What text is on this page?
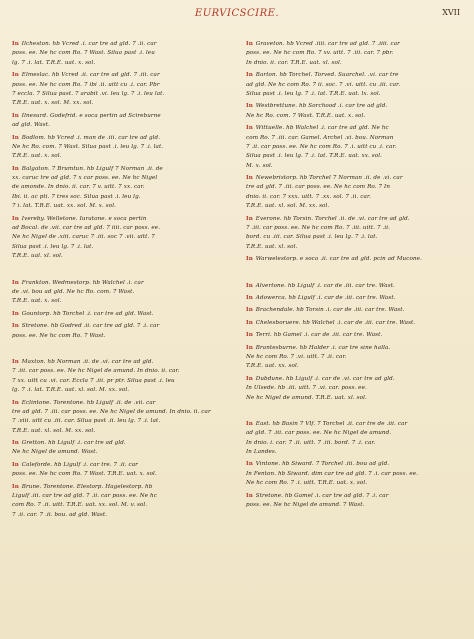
EURVICSCIRE.	XVII
In Ilcheston. hb Vcred .i. car tre ad gld. 7 .ii. car
poss. ee. Ne hc com Ro. 7 Wast. Silua past .i. leu
lg. 7 .i. lat. T.R.E. uat. x. sol.
In Elmeslac. hb Vcred .ii. car tre ad gld. 7 .iii. car
poss. ee. Ne hc com Ro. 7 ibi .ii. uitt cu .i. car. Pbr
7 eccla. 7 Silua past. 7 arabit .vi. leu lg. 7 .i. leu lat.
T.R.E. uat. x. sol. M. xx. sol.
In Ilnesurd. Godefrid. e soca pertin ad Scireburne
ad gld. Wast.
In Bodlom. hb Vcred .i. man de .iii. car tre ad gld.
Ne hc Ro. com. 7 Wast. Silua past .i. leu lg. 7 .i. lat.
T.R.E. uat. x. sol.
In Balgaton. 7 Brumtun. hb Ligulf 7 Norman .ii. de
xx. caruc tre ad gld. 7 x car poss. ee. Ne hc Nigel
de amonde. In dnio. ii. car. 7 v. uitt. 7 xx. car.
Ibi. ii. ac pti. 7 tres soc. Silua past .i. leu lg.
7 i. lat. T.R.E. uat. xx. sol. M. x. sol.
In Ivereby. Welletone. Iuratone. e soca pertin
ad Bocal. de .vii. car tre ad gld. 7 iiii. car poss. ee.
Ne hc Nigel de .xiii. caruc 7 .iii. soc 7 .vii. uitt. 7
Silua past .i. leu lg. 7 .i. lat.
T.R.E. ual. xl. sol.
In Frankton. Wedmestorp. hb Walchel .i. car
de .vi. bou ad gld. Ne hc Ro. com. 7 Wast.
T.R.E. uat. x. sol.
In Gountorp. hb Torchel .i. car tre ad gld. Wast.
In Stretone. hb Godred .ii. car tre ad gld. 7 .i. car
poss. ee. Ne hc com Ro. 7 Wast.
In Maxton. hb Norman .ii. de .vi. car tre ad gld.
7 .iii. car poss. ee. Ne hc Nigel de amund. In dnio. ii. car.
7 xx. uitt cu .vi. car. Eccla 7 .iii. pr ptr. Silua past .i. leu
lg. 7 .i. lat. T.R.E. uat. xl. sol. M. xx. sol.
In Eclintone. Torentone. hb Ligulf .ii. de .vii. car
tre ad gld. 7 .iii. car poss. ee. Ne hc Nigel de amund. In dnio. ii. car
7 .viii. uitt cu .iii. car. Silua past .ii. leu lg. 7 .i. lat.
T.R.E. uat. xl. sol. M. xx. sol.
In Gretton. hb Ligulf .i. car tre ad gld.
Ne hc Nigel de amund. Wast.
In Caleforde. hb Ligulf .i. car tre. 7 .ii. car
poss. ee. Ne hc com Ro. 7 Wast. T.R.E. uat. x. sol.
In Brune. Torentone. Elestorp. Hagelestorp. hb
Ligulf .iii. car tre ad gld. 7 .ii. car poss. ee. Ne hc
com Ro. 7 .ii. uitt. T.R.E. uat. xx. sol. M. v. sol.
7 .ii. car. 7 .ii. bou. ad gld. Wast.
In Graveton. hb Vcred .iiii. car tre ad gld. 7 .iiii. car
poss. ee. Ne hc com Ro. 7 xv. uitt. 7 .iii. car. 7 pbr.
In dnio. ii. car. T.R.E. uat. xl. sol.
In Barton. hb Torchel. Torved. Suarchel. .vi. car tre
ad gld. Ne hc com Ro. 7 ii. soc. 7 .vi. uitt. cu .iii. car.
Silua past .i. leu lg. 7 .i. lat. T.R.E. uat. lx. sol.
In Westbrettune. hb Sorchood .i. car tre ad gld.
Ne hc Ro. com. 7 Wast. T.R.E. uat. x. sol.
In Wittuelle. hb Walchel .i. car tre ad gld. Ne hc
com Ro. 7 .iii. car. Gamel. Archel .vi. bou. Norman
7 .ii. car poss. ee. Ne hc com Ro. 7 .i. uitt cu .i. car.
Silua past .i. leu lg. 7 .i. lat. T.R.E. uat. xx. sol.
M. x. sol.
In Newebristorp. hb Torchel 7 Norman .ii. de .vi. car
tre ad gld. 7 .iii. car poss. ee. Ne hc com Ro. 7 In
dnio. ii. car. 7 xxx. uitt. 7 .xx. sol. 7 .ii. car.
T.R.E. uat. xl. sol. M. xx. sol.
In Everone. hb Torsin. Torchel .ii. de .vi. car tre ad gld.
7 .iii. car poss. ee. Ne hc com Ro. 7 .iii. uitt. 7 .ii.
bord. cu .iii. car. Silua past .i. leu lg. 7 .i. lat.
T.R.E. uat. xl. sol.
In Warwelestorp. e soca .ii. car tre ad gld. pcin ad Mucone.
In Alvertone. hb Ligulf .i. car de .iii. car tre. Wast.
In Adowerca. hb Ligulf .i. car de .iii. car tre. Wast.
In Brachendale. hb Torsin .i. car de .iii. car tre. Wast.
In Chelesboruere. hb Walchel .i. car de .iii. car tre. Wast.
In Terri. hb Gamel .i. car de .iii. car tre. Wast.
In Brantesburne. hb Halder .i. car tre sine halla.
Ne hc com Ro. 7 .vi. uitt. 7 .ii. car.
T.R.E. uat. xx. sol.
In Dubdune. hb Ligulf .i. car de .vi. car tre ad gld.
In Ulsede. hb .iii. uitt. 7 .vi. car. poss. ee.
Ne hc Nigel de amund. T.R.E. uat. xl. sol.
In East. hb Basin 7 Vlf. 7 Torchel .ii. car tre de .iii. car
ad gld. 7 .iii. car poss. ee. Ne hc Nigel de amund.
In dnio. i. car. 7 .ii. uitt. 7 .iii. bord. 7 .i. car.
In Landes.
In Vintone. hb Siward. 7 Torchel .iii. bou ad gld.
In Fenton. hb Siward. dim car tre ad gld. 7 .i. car poss. ee.
Ne hc com Ro. 7 .i. uitt. T.R.E. uat. x. sol.
In Stretone. hb Gamel .i. car tre ad gld. 7 .i. car
poss. ee. Ne hc Nigel de amund. 7 Wast.
